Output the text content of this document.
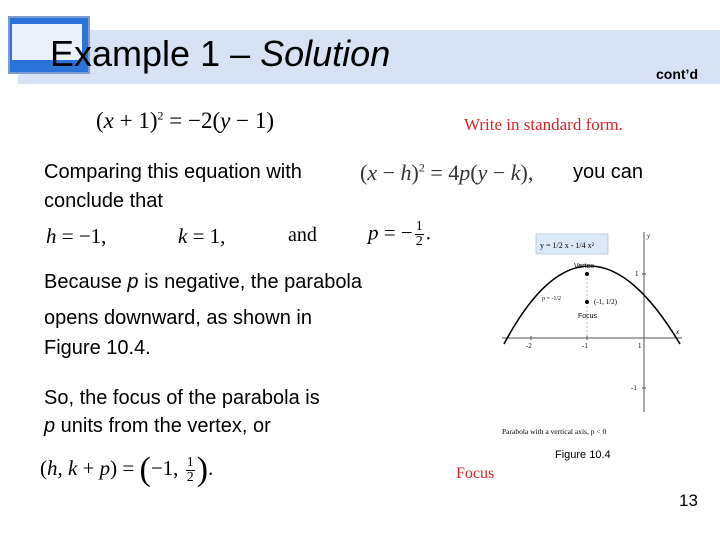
Example 1 – Solution	cont’d
$(x + 1)^2 = -2(y - 1)$	Write in standard form.
Comparing this equation with	$(x - h)^2 = 4p(y - k)$, you can
conclude that
h = −1,	k = 1,	and p = − $\frac{1}{2}$ .
Because p is negative, the parabola
opens downward, as shown in
Figure 10.4.
So, the focus of the parabola is
p units from the vertex, or
(h, k + p) = (−1, $\frac{1}{2}$ ).	Focus
y = 1/2 x - 1/4 x²
y
x
-2	-1	1
1
-1
Vertex
Focus
p = -1/2	(-1, 1/2)
Parabola with a vertical axis, p < 0
Figure 10.4
13
